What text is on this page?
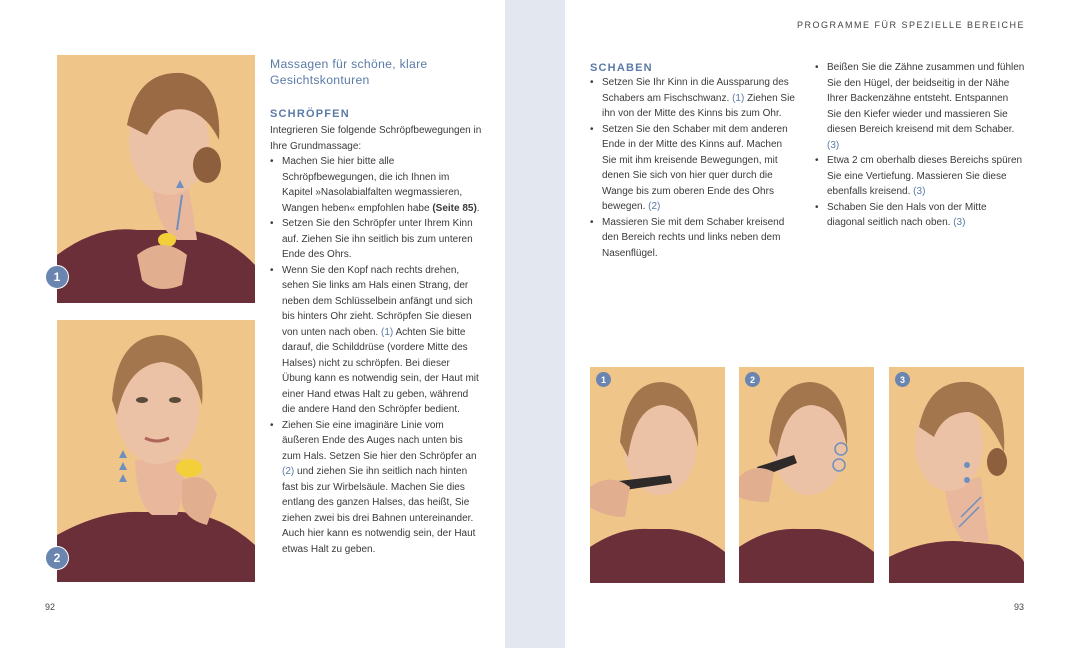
1
2
Massagen für schöne, klare Gesichtskonturen
SCHRÖPFEN
Integrieren Sie folgende Schröpfbewegungen in Ihre Grundmassage:
• Machen Sie hier bitte alle Schröpfbewegungen, die ich Ihnen im Kapitel »Nasolabialfalten wegmassieren, Wangen heben« empfohlen habe (Seite 85).
• Setzen Sie den Schröpfer unter Ihrem Kinn auf. Ziehen Sie ihn seitlich bis zum unteren Ende des Ohrs.
• Wenn Sie den Kopf nach rechts drehen, sehen Sie links am Hals einen Strang, der neben dem Schlüsselbein anfängt und sich bis hinters Ohr zieht. Schröpfen Sie diesen von unten nach oben. (1) Achten Sie bitte darauf, die Schilddrüse (vordere Mitte des Halses) nicht zu schröpfen. Bei dieser Übung kann es notwendig sein, der Haut mit einer Hand etwas Halt zu geben, während die andere Hand den Schröpfer bedient.
• Ziehen Sie eine imaginäre Linie vom äußeren Ende des Auges nach unten bis zum Hals. Setzen Sie hier den Schröpfer an (2) und ziehen Sie ihn seitlich nach hinten fast bis zur Wirbelsäule. Machen Sie dies entlang des ganzen Halses, das heißt, Sie ziehen zwei bis drei Bahnen untereinander. Auch hier kann es notwendig sein, der Haut etwas Halt zu geben.
92
PROGRAMME FÜR SPEZIELLE BEREICHE
SCHABEN
• Setzen Sie Ihr Kinn in die Aussparung des Schabers am Fischschwanz. (1) Ziehen Sie ihn von der Mitte des Kinns bis zum Ohr.
• Setzen Sie den Schaber mit dem anderen Ende in der Mitte des Kinns auf. Machen Sie mit ihm kreisende Bewegungen, mit denen Sie sich von hier quer durch die Wange bis zum oberen Ende des Ohrs bewegen. (2)
• Massieren Sie mit dem Schaber kreisend den Bereich rechts und links neben dem Nasenflügel.
• Beißen Sie die Zähne zusammen und fühlen Sie den Hügel, der beidseitig in der Nähe Ihrer Backenzähne entsteht. Entspannen Sie den Kiefer wieder und massieren Sie diesen Bereich kreisend mit dem Schaber. (3)
• Etwa 2 cm oberhalb dieses Bereichs spüren Sie eine Vertiefung. Massieren Sie diese ebenfalls kreisend. (3)
• Schaben Sie den Hals von der Mitte diagonal seitlich nach oben. (3)
1	2	3
93
